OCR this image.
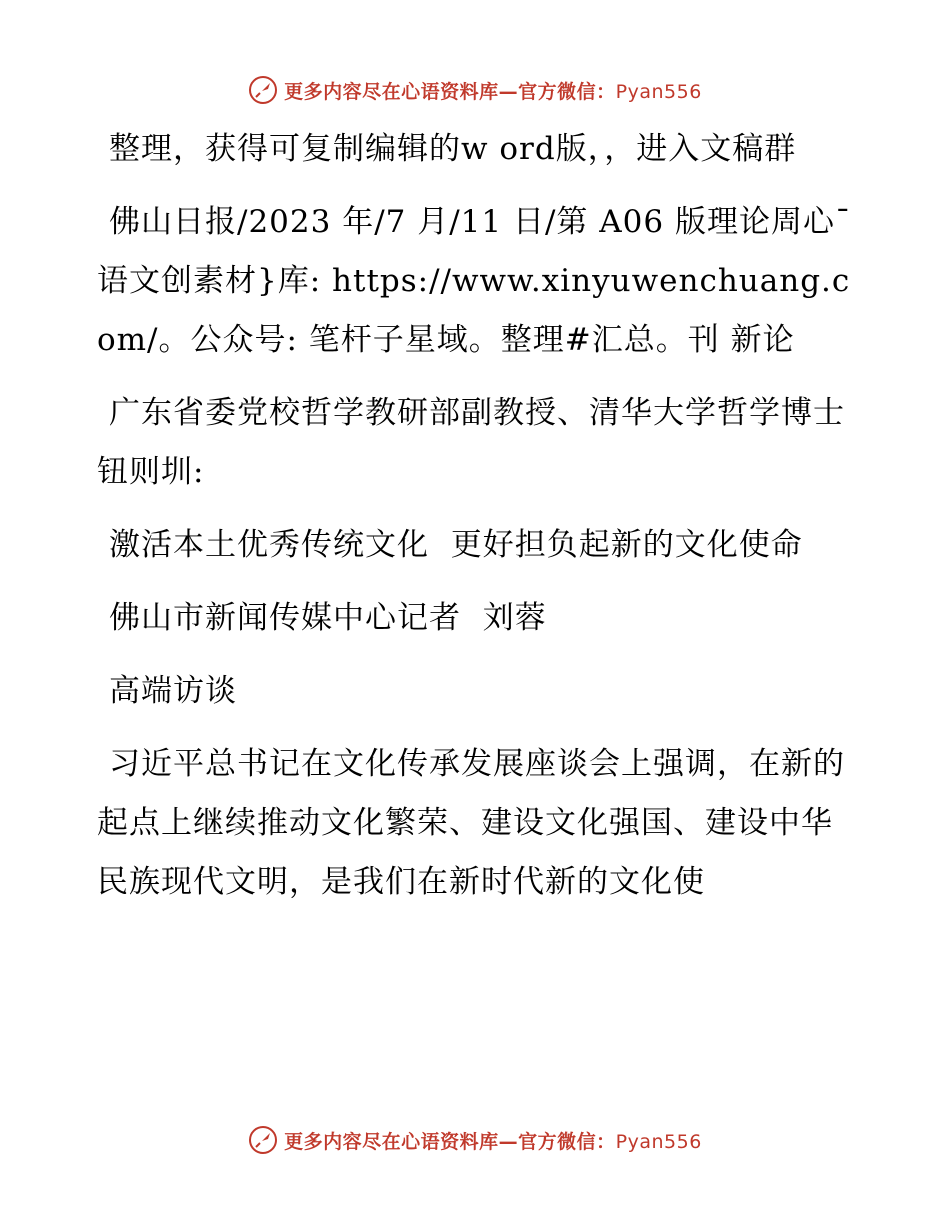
更多内容尽在心语资料库—官方微信：Pyan556

整理，获得可复制编辑的w ord版，，进入文稿群

佛山日报/2023 年/7 月/11 日/第 A06 版理论周心¯语文创素材}库: https://www.xinyuwenchuang.com/。公众号: 笔杆子星域。整理#汇总。刊 新论

广东省委党校哲学教研部副教授、清华大学哲学博士钮则圳:

激活本土优秀传统文化  更好担负起新的文化使命

佛山市新闻传媒中心记者  刘蓉

高端访谈

习近平总书记在文化传承发展座谈会上强调，在新的起点上继续推动文化繁荣、建设文化强国、建设中华民族现代文明，是我们在新时代新的文化使

更多内容尽在心语资料库—官方微信：Pyan556
